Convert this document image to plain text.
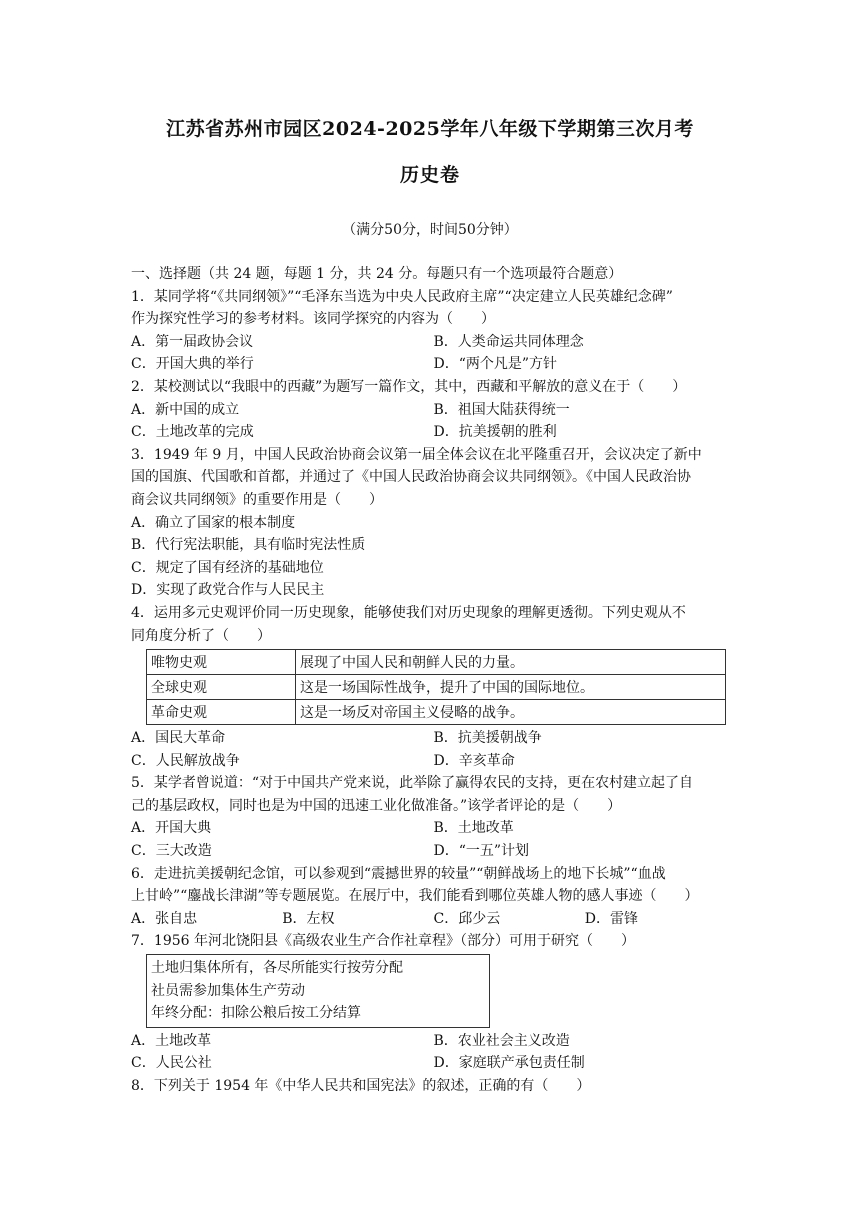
江苏省苏州市园区2024-2025学年八年级下学期第三次月考
历史卷
（满分50分，时间50分钟）
一、选择题（共 24 题，每题 1 分，共 24 分。每题只有一个选项最符合题意）
1．某同学将“《共同纲领》”“毛泽东当选为中央人民政府主席”“决定建立人民英雄纪念碑”
作为探究性学习的参考材料。该同学探究的内容为（　　）
A．第一届政协会议	B．人类命运共同体理念
C．开国大典的举行	D．“两个凡是”方针
2．某校测试以“我眼中的西藏”为题写一篇作文，其中，西藏和平解放的意义在于（　　）
A．新中国的成立	B．祖国大陆获得统一
C．土地改革的完成	D．抗美援朝的胜利
3．1949 年 9 月，中国人民政治协商会议第一届全体会议在北平隆重召开，会议决定了新中
国的国旗、代国歌和首都，并通过了《中国人民政治协商会议共同纲领》。《中国人民政治协
商会议共同纲领》的重要作用是（　　）
A．确立了国家的根本制度
B．代行宪法职能，具有临时宪法性质
C．规定了国有经济的基础地位
D．实现了政党合作与人民民主
4．运用多元史观评价同一历史现象，能够使我们对历史现象的理解更透彻。下列史观从不
同角度分析了（　　）
唯物史观	展现了中国人民和朝鲜人民的力量。
全球史观	这是一场国际性战争，提升了中国的国际地位。
革命史观	这是一场反对帝国主义侵略的战争。
A．国民大革命	B．抗美援朝战争
C．人民解放战争	D．辛亥革命
5．某学者曾说道：“对于中国共产党来说，此举除了赢得农民的支持，更在农村建立起了自
己的基层政权，同时也是为中国的迅速工业化做准备。”该学者评论的是（　　）
A．开国大典	B．土地改革
C．三大改造	D．“一五”计划
6．走进抗美援朝纪念馆，可以参观到“震撼世界的较量”“朝鲜战场上的地下长城”“血战
上甘岭”“鏖战长津湖”等专题展览。在展厅中，我们能看到哪位英雄人物的感人事迹（　　）
A．张自忠	B．左权	C．邱少云	D．雷锋
7．1956 年河北饶阳县《高级农业生产合作社章程》（部分）可用于研究（　　）
土地归集体所有，各尽所能实行按劳分配
社员需参加集体生产劳动
年终分配：扣除公粮后按工分结算
A．土地改革	B．农业社会主义改造
C．人民公社	D．家庭联产承包责任制
8．下列关于 1954 年《中华人民共和国宪法》的叙述，正确的有（　　）
